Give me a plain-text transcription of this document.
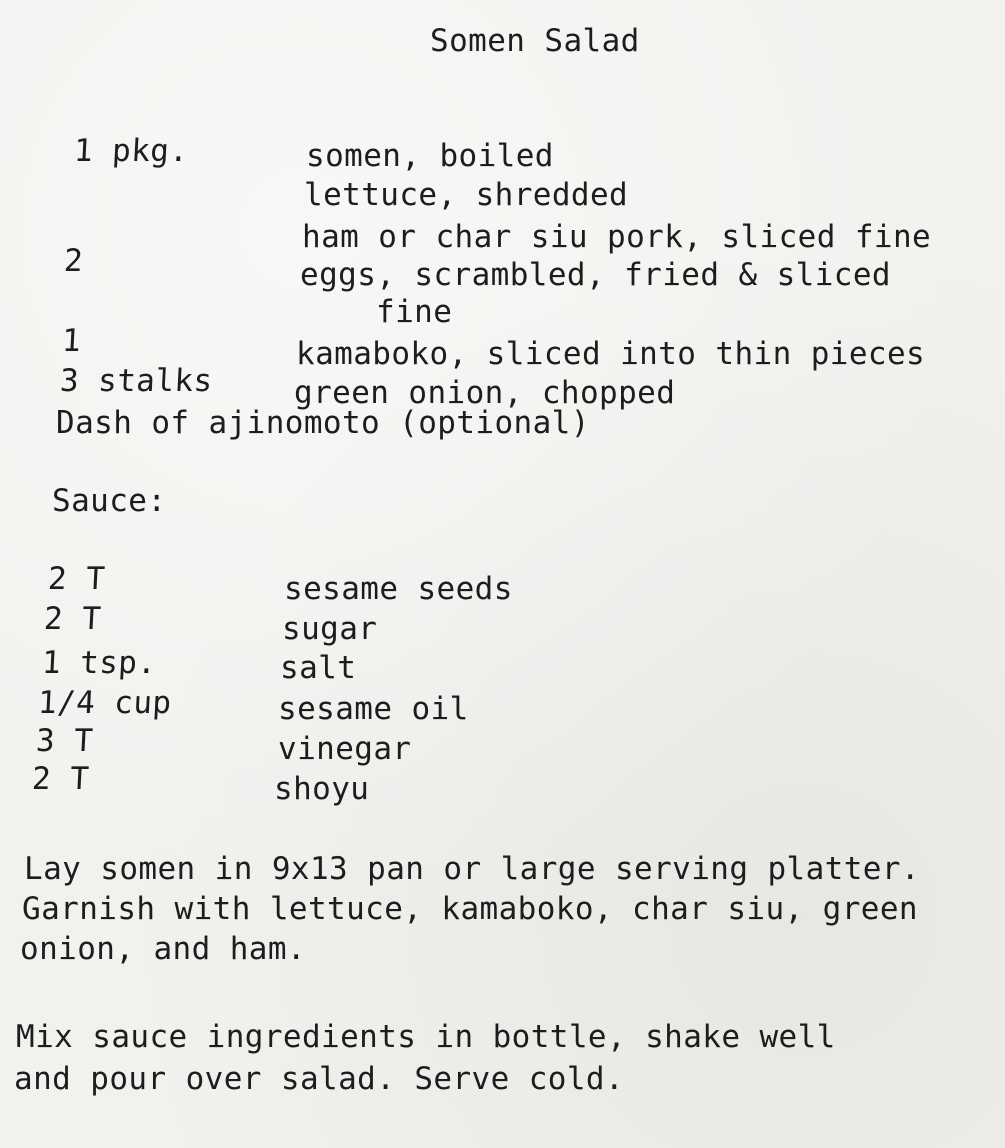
Somen Salad
1 pkg.	somen, boiled
lettuce, shredded
ham or char siu pork, sliced fine
2	eggs, scrambled, fried & sliced
fine
1	kamaboko, sliced into thin pieces
3 stalks	green onion, chopped
Dash of ajinomoto (optional)
Sauce:
2 T	sesame seeds
2 T	sugar
1 tsp.	salt
1/4 cup	sesame oil
3 T	vinegar
2 T	shoyu
Lay somen in 9x13 pan or large serving platter.
Garnish with lettuce, kamaboko, char siu, green
onion, and ham.
Mix sauce ingredients in bottle, shake well
and pour over salad. Serve cold.
